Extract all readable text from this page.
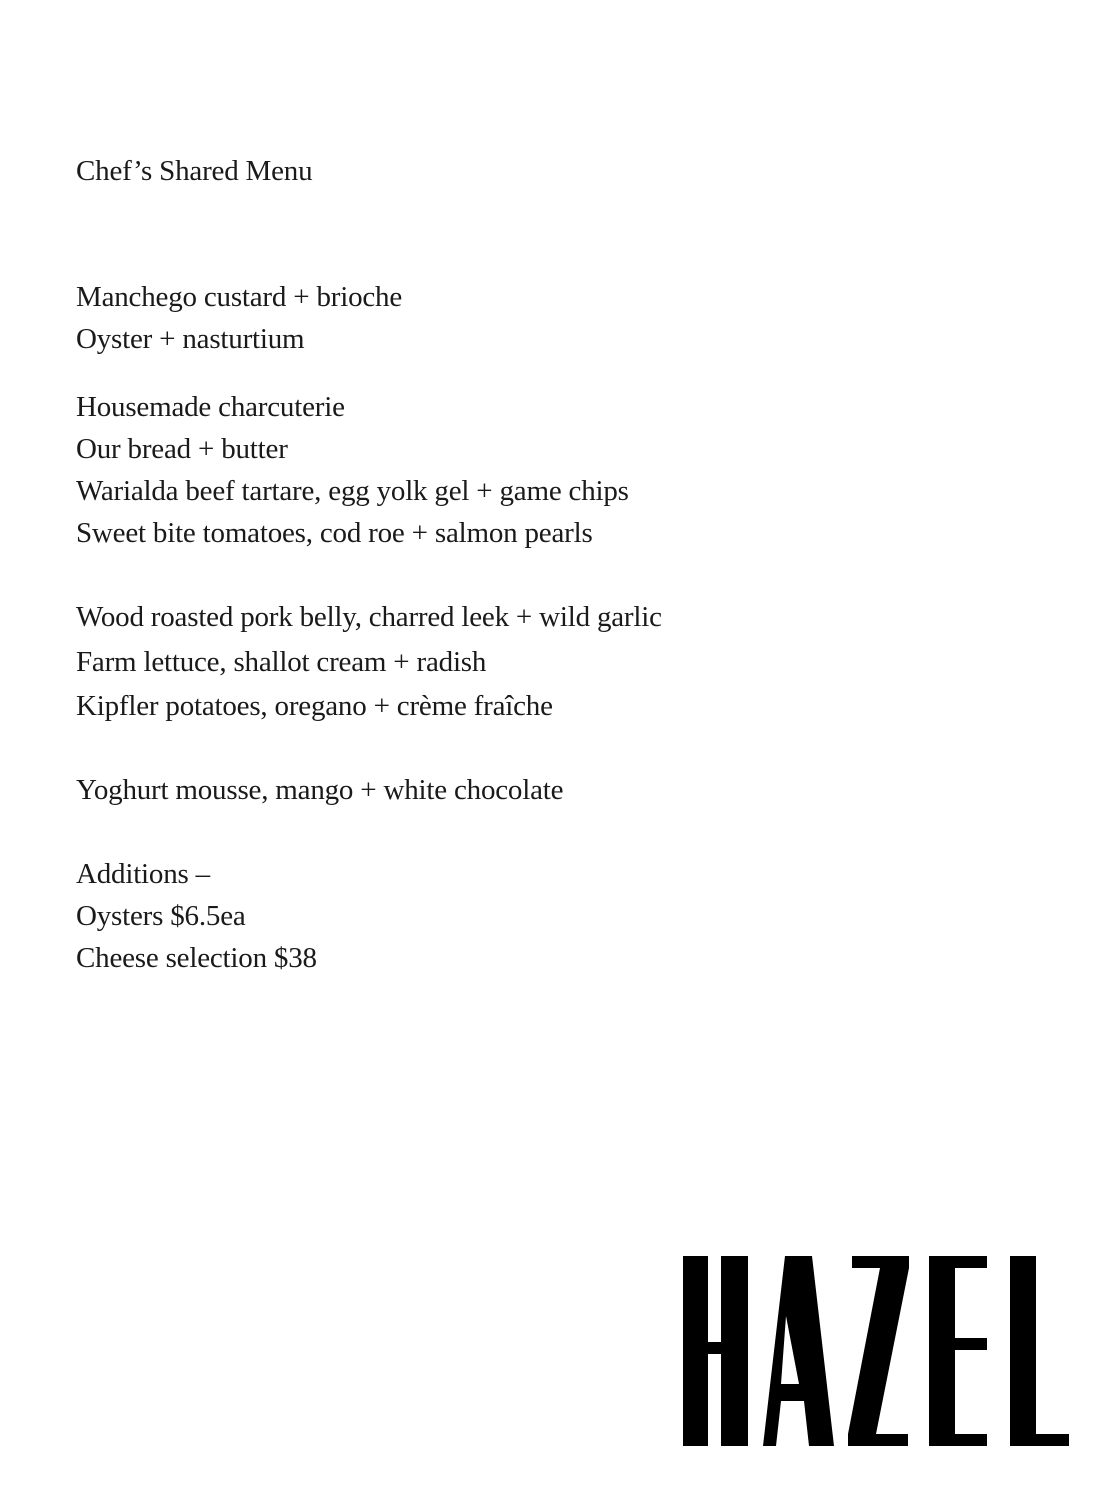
Chef’s Shared Menu
Manchego custard + brioche
Oyster + nasturtium
Housemade charcuterie
Our bread + butter
Warialda beef tartare, egg yolk gel + game chips
Sweet bite tomatoes, cod roe + salmon pearls
Wood roasted pork belly, charred leek + wild garlic
Farm lettuce, shallot cream + radish
Kipfler potatoes, oregano + crème fraîche
Yoghurt mousse, mango + white chocolate
Additions –
Oysters $6.5ea
Cheese selection $38
